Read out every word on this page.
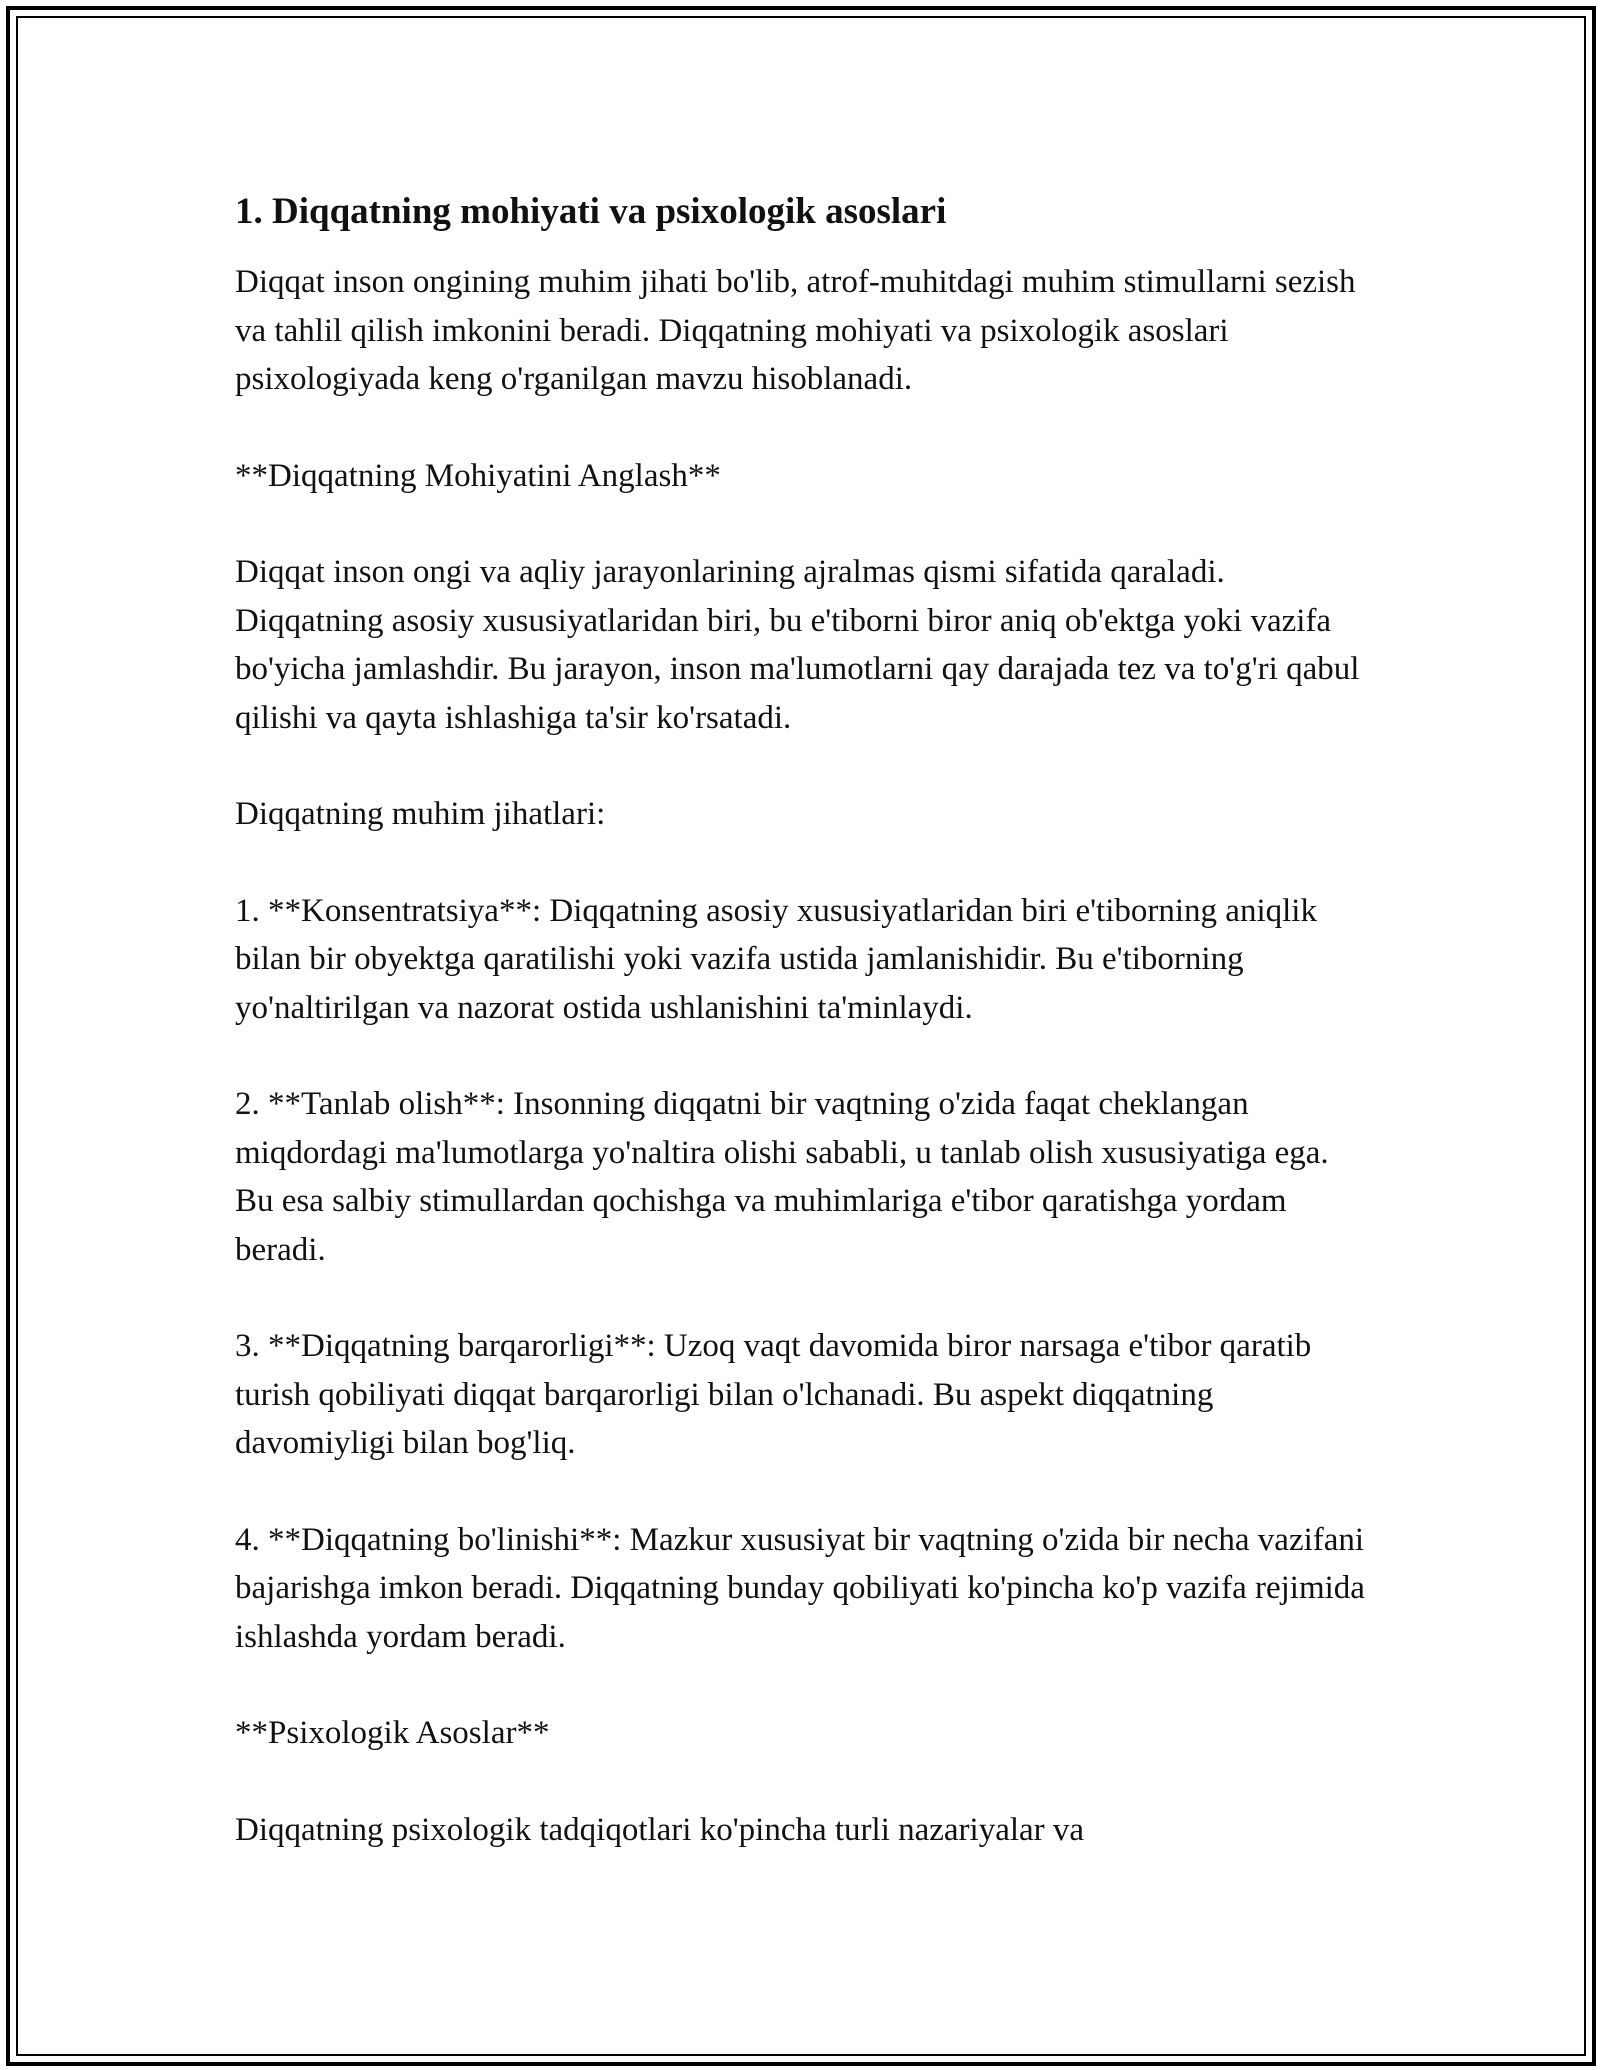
1. Diqqatning mohiyati va psixologik asoslari

Diqqat inson ongining muhim jihati bo'lib, atrof-muhitdagi muhim stimullarni sezish va tahlil qilish imkonini beradi. Diqqatning mohiyati va psixologik asoslari psixologiyada keng o'rganilgan mavzu hisoblanadi.

**Diqqatning Mohiyatini Anglash**

Diqqat inson ongi va aqliy jarayonlarining ajralmas qismi sifatida qaraladi. Diqqatning asosiy xususiyatlaridan biri, bu e'tiborni biror aniq ob'ektga yoki vazifa bo'yicha jamlashdir. Bu jarayon, inson ma'lumotlarni qay darajada tez va to'g'ri qabul qilishi va qayta ishlashiga ta'sir ko'rsatadi.

Diqqatning muhim jihatlari:

1. **Konsentratsiya**: Diqqatning asosiy xususiyatlaridan biri e'tiborning aniqlik bilan bir obyektga qaratilishi yoki vazifa ustida jamlanishidir. Bu e'tiborning yo'naltirilgan va nazorat ostida ushlanishini ta'minlaydi.

2. **Tanlab olish**: Insonning diqqatni bir vaqtning o'zida faqat cheklangan miqdordagi ma'lumotlarga yo'naltira olishi sababli, u tanlab olish xususiyatiga ega. Bu esa salbiy stimullardan qochishga va muhimlariga e'tibor qaratishga yordam beradi.

3. **Diqqatning barqarorligi**: Uzoq vaqt davomida biror narsaga e'tibor qaratib turish qobiliyati diqqat barqarorligi bilan o'lchanadi. Bu aspekt diqqatning davomiyligi bilan bog'liq.

4. **Diqqatning bo'linishi**: Mazkur xususiyat bir vaqtning o'zida bir necha vazifani bajarishga imkon beradi. Diqqatning bunday qobiliyati ko'pincha ko'p vazifa rejimida ishlashda yordam beradi.

**Psixologik Asoslar**

Diqqatning psixologik tadqiqotlari ko'pincha turli nazariyalar va
